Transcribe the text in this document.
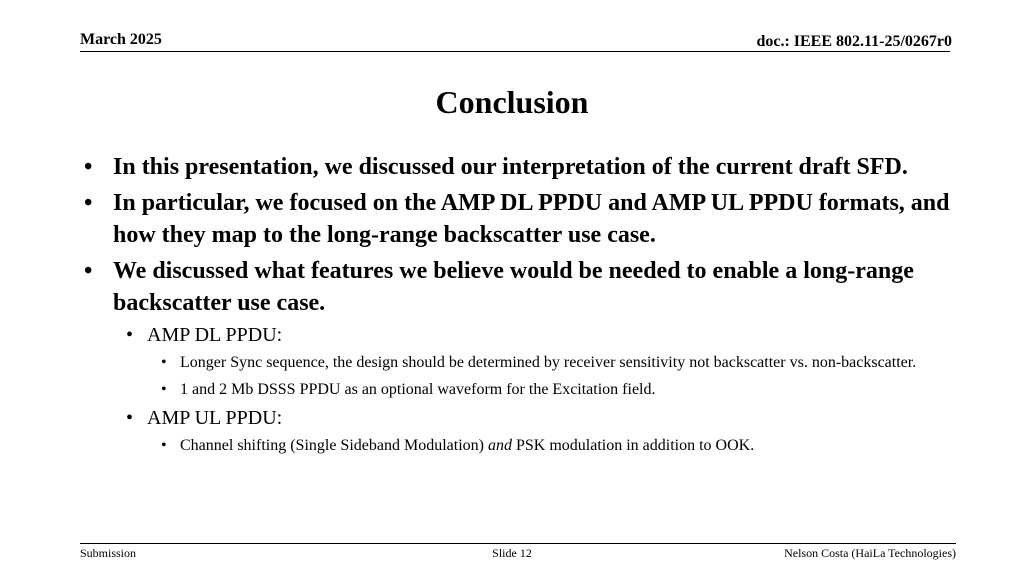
March 2025	doc.: IEEE 802.11-25/0267r0
Conclusion
• In this presentation, we discussed our interpretation of the current draft SFD.
• In particular, we focused on the AMP DL PPDU and AMP UL PPDU formats, and how they map to the long-range backscatter use case.
• We discussed what features we believe would be needed to enable a long-range backscatter use case.
• AMP DL PPDU:
• Longer Sync sequence, the design should be determined by receiver sensitivity not backscatter vs. non-backscatter.
• 1 and 2 Mb DSSS PPDU as an optional waveform for the Excitation field.
• AMP UL PPDU:
• Channel shifting (Single Sideband Modulation) and PSK modulation in addition to OOK.
Submission	Slide 12	Nelson Costa (HaiLa Technologies)
